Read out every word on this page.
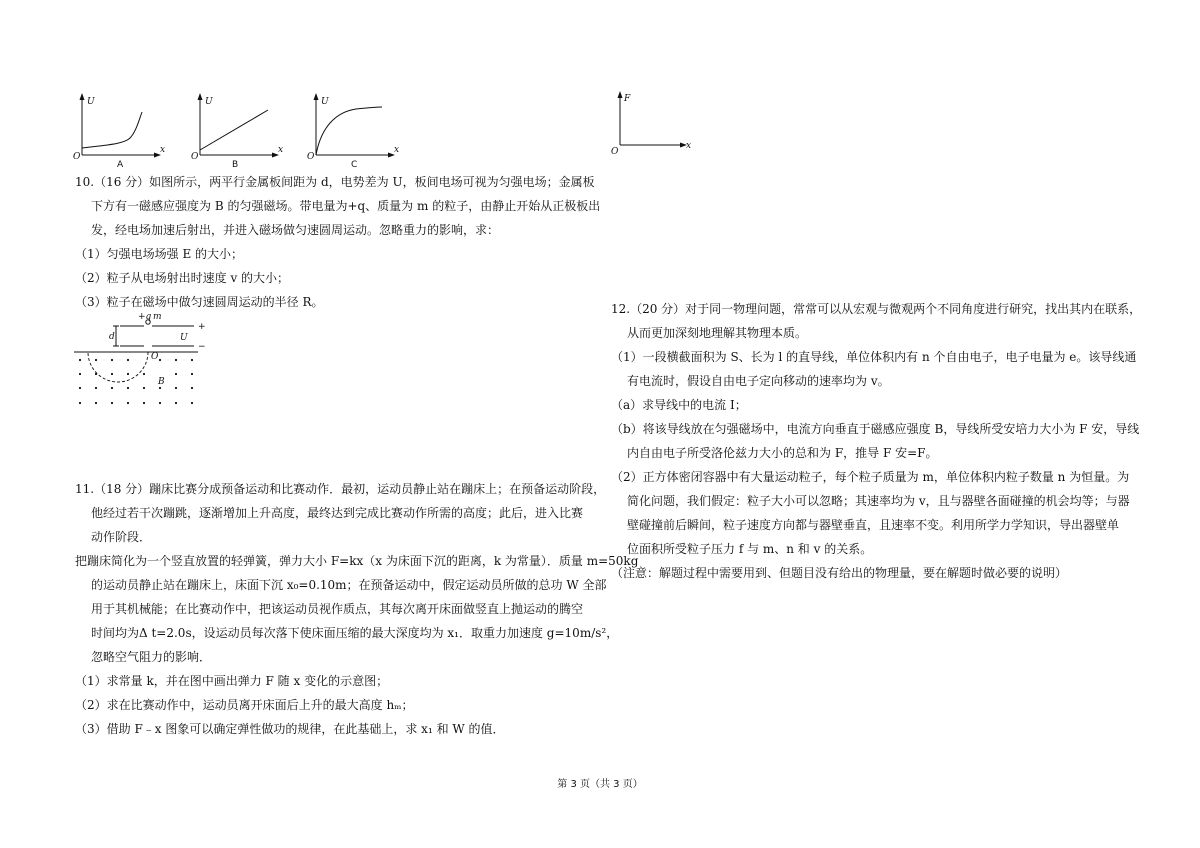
U
x
O
A
U
x
O
B
U
x
O
C
10.（16 分）如图所示，两平行金属板间距为 d，电势差为 U，板间电场可视为匀强电场；金属板
下方有一磁感应强度为 B 的匀强磁场。带电量为+q、质量为 m 的粒子，由静止开始从正极板出
发，经电场加速后射出，并进入磁场做匀速圆周运动。忽略重力的影响，求：
（1）匀强电场场强 E 的大小；
（2）粒子从电场射出时速度 v 的大小；
（3）粒子在磁场中做匀速圆周运动的半径 R。
+q m
d	U
+
−
O
B
11.（18 分）蹦床比赛分成预备运动和比赛动作．最初，运动员静止站在蹦床上；在预备运动阶段，
他经过若干次蹦跳，逐渐增加上升高度，最终达到完成比赛动作所需的高度；此后，进入比赛
动作阶段．
把蹦床简化为一个竖直放置的轻弹簧，弹力大小 F=kx（x 为床面下沉的距离，k 为常量）．质量 m=50kg
的运动员静止站在蹦床上，床面下沉 x₀=0.10m；在预备运动中，假定运动员所做的总功 W 全部
用于其机械能；在比赛动作中，把该运动员视作质点，其每次离开床面做竖直上抛运动的腾空
时间均为Δ t=2.0s，设运动员每次落下使床面压缩的最大深度均为 x₁．取重力加速度 g=10m/s²，
忽略空气阻力的影响．
（1）求常量 k，并在图中画出弹力 F 随 x 变化的示意图；
（2）求在比赛动作中，运动员离开床面后上升的最大高度 hₘ；
（3）借助 F﹣x 图象可以确定弹性做功的规律，在此基础上，求 x₁ 和 W 的值．
F
x
O
12.（20 分）对于同一物理问题，常常可以从宏观与微观两个不同角度进行研究，找出其内在联系，
从而更加深刻地理解其物理本质。
（1）一段横截面积为 S、长为 l 的直导线，单位体积内有 n 个自由电子，电子电量为 e。该导线通
有电流时，假设自由电子定向移动的速率均为 v。
（a）求导线中的电流 I；
（b）将该导线放在匀强磁场中，电流方向垂直于磁感应强度 B，导线所受安培力大小为 F 安，导线
内自由电子所受洛伦兹力大小的总和为 F，推导 F 安=F。
（2）正方体密闭容器中有大量运动粒子，每个粒子质量为 m，单位体积内粒子数量 n 为恒量。为
简化问题，我们假定：粒子大小可以忽略；其速率均为 v，且与器壁各面碰撞的机会均等；与器
壁碰撞前后瞬间，粒子速度方向都与器壁垂直，且速率不变。利用所学力学知识，导出器壁单
位面积所受粒子压力 f 与 m、n 和 v 的关系。
（注意：解题过程中需要用到、但题目没有给出的物理量，要在解题时做必要的说明）
第 3 页（共 3 页）
